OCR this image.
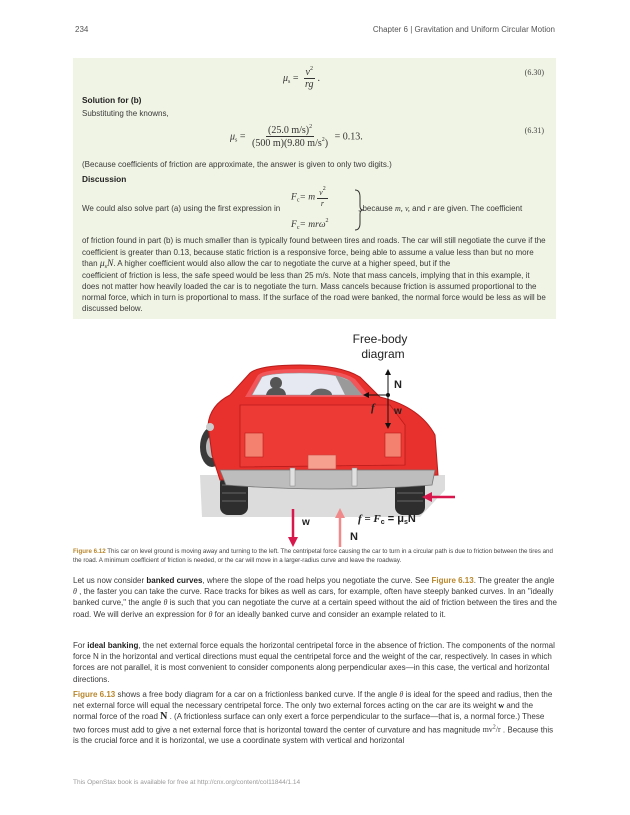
234	Chapter 6 | Gravitation and Uniform Circular Motion
$\mu_s = \frac{v^2}{rg}$ .
(6.30)
Solution for (b)
Substituting the knowns,
$\mu_s = \frac{(25.0 m/s)^2}{(500 m)(9.80 m/s^2)} = 0.13$.
(6.31)
(Because coefficients of friction are approximate, the answer is given to only two digits.)
Discussion
We could also solve part (a) using the first expression in
$F_c= m \frac{v^2}{r}$
$F_c= mr\omega^2$
, because m, v, and r are given. The coefficient
of friction found in part (b) is much smaller than is typically found between tires and roads. The car will still negotiate the curve if the coefficient is greater than 0.13, because static friction is a responsive force, being able to assume a value less than but no more than $\mu_sN$. A higher coefficient would also allow the car to negotiate the curve at a higher speed, but if the
coefficient of friction is less, the safe speed would be less than 25 m/s. Note that mass cancels, implying that in this example, it does not matter how heavily loaded the car is to negotiate the turn. Mass cancels because friction is assumed proportional to the normal force, which in turn is proportional to mass. If the surface of the road were banked, the normal force would be less as will be discussed below.
Free-body
diagram
N
f w
w
N
f = Fc = μsN
Figure 6.12 This car on level ground is moving away and turning to the left. The centripetal force causing the car to turn in a circular path is due to friction between the tires and the road. A minimum coefficient of friction is needed, or the car will move in a larger-radius curve and leave the roadway.
Let us now consider banked curves, where the slope of the road helps you negotiate the curve. See Figure 6.13. The greater the angle θ , the faster you can take the curve. Race tracks for bikes as well as cars, for example, often have steeply banked curves. In an "ideally banked curve," the angle θ is such that you can negotiate the curve at a certain speed without the aid of friction between the tires and the road. We will derive an expression for θ for an ideally banked curve and consider an example related to it.
For ideal banking, the net external force equals the horizontal centripetal force in the absence of friction. The components of the normal force N in the horizontal and vertical directions must equal the centripetal force and the weight of the car, respectively. In cases in which forces are not parallel, it is most convenient to consider components along perpendicular axes—in this case, the vertical and horizontal directions.
Figure 6.13 shows a free body diagram for a car on a frictionless banked curve. If the angle θ is ideal for the speed and radius, then the net external force will equal the necessary centripetal force. The only two external forces acting on the car are its weight w and the normal force of the road N . (A frictionless surface can only exert a force perpendicular to the surface—that is, a normal force.) These two forces must add to give a net external force that is horizontal toward the center of curvature and has magnitude $mv^2/r$ . Because this is the crucial force and it is horizontal, we use a coordinate system with vertical and horizontal
This OpenStax book is available for free at http://cnx.org/content/col11844/1.14
